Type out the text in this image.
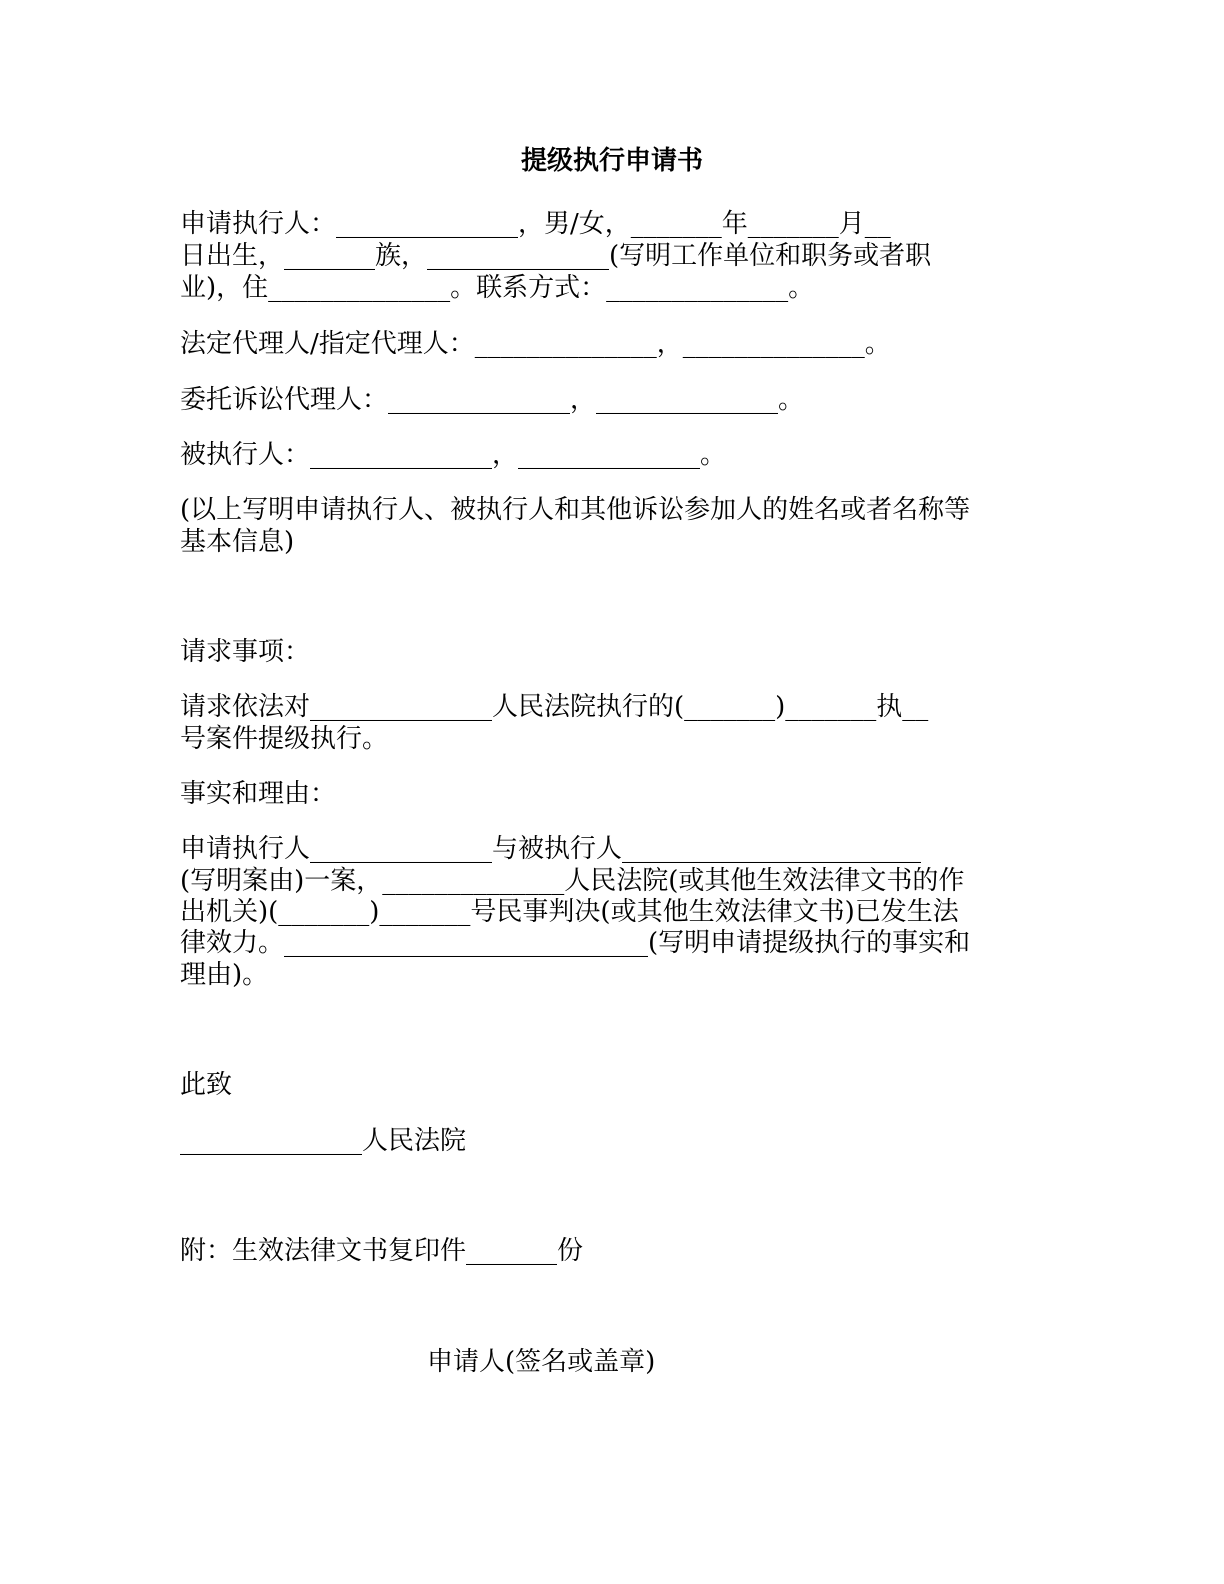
提级执行申请书

申请执行人：______________，男/女，_______年_______月__

日出生，_______族，______________(写明工作单位和职务或者职

业)，住______________。联系方式：______________。

法定代理人/指定代理人：______________，______________。

委托诉讼代理人：______________，______________。

被执行人：______________，______________。

(以上写明申请执行人、被执行人和其他诉讼参加人的姓名或者名称等

基本信息)

请求事项：

请求依法对______________人民法院执行的(_______)_______执__

号案件提级执行。

事实和理由：

申请执行人______________与被执行人_______________________

(写明案由)一案，______________人民法院(或其他生效法律文书的作

出机关)(_______)_______号民事判决(或其他生效法律文书)已发生法

律效力。____________________________(写明申请提级执行的事实和

理由)。

此致

______________人民法院

附：生效法律文书复印件_______份

申请人(签名或盖章)
